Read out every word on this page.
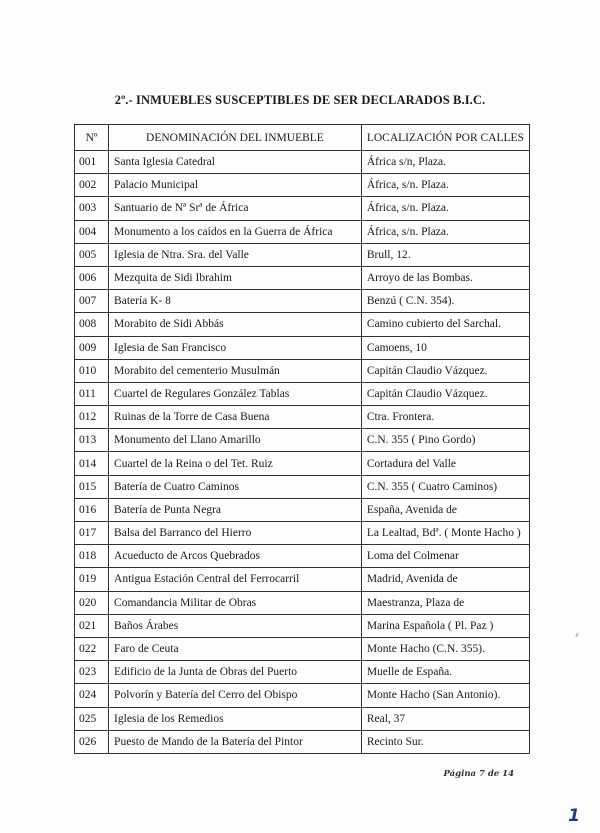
2º.- INMUEBLES SUSCEPTIBLES DE SER DECLARADOS B.I.C.
Nº	DENOMINACIÓN DEL INMUEBLE	LOCALIZACIÓN POR CALLES
001	Santa Iglesia Catedral	África s/n, Plaza.
002	Palacio Municipal	África, s/n. Plaza.
003	Santuario de Nª Srª de África	África, s/n. Plaza.
004	Monumento a los caídos en la Guerra de África	África, s/n. Plaza.
005	Iglesia de Ntra. Sra. del Valle	Brull, 12.
006	Mezquita de Sidi Ibrahim	Arroyo de las Bombas.
007	Batería K- 8	Benzú ( C.N. 354).
008	Morabito de Sidi Abbás	Camino cubierto del Sarchal.
009	Iglesia de San Francisco	Camoens, 10
010	Morabito del cementerio Musulmán	Capitán Claudio Vázquez.
011	Cuartel de Regulares González Tablas	Capitán Claudio Vázquez.
012	Ruinas de la Torre de Casa Buena	Ctra. Frontera.
013	Monumento del Llano Amarillo	C.N. 355 ( Pino Gordo)
014	Cuartel de la Reina o del Tet. Ruiz	Cortadura del Valle
015	Batería de Cuatro Caminos	C.N. 355 ( Cuatro Caminos)
016	Batería de Punta Negra	España, Avenida de
017	Balsa del Barranco del Hierro	La Lealtad, Bdª. ( Monte Hacho )
018	Acueducto de Arcos Quebrados	Loma del Colmenar
019	Antigua Estación Central del Ferrocarril	Madrid, Avenida de
020	Comandancia Militar de Obras	Maestranza, Plaza de
021	Baños Árabes	Marina Española ( Pl. Paz )
022	Faro de Ceuta	Monte Hacho (C.N. 355).
023	Edificio de la Junta de Obras del Puerto	Muelle de España.
024	Polvorín y Batería del Cerro del Obispo	Monte Hacho (San Antonio).
025	Iglesia de los Remedios	Real, 37
026	Puesto de Mando de la Batería del Pintor	Recinto Sur.
Página 7 de 14
1
